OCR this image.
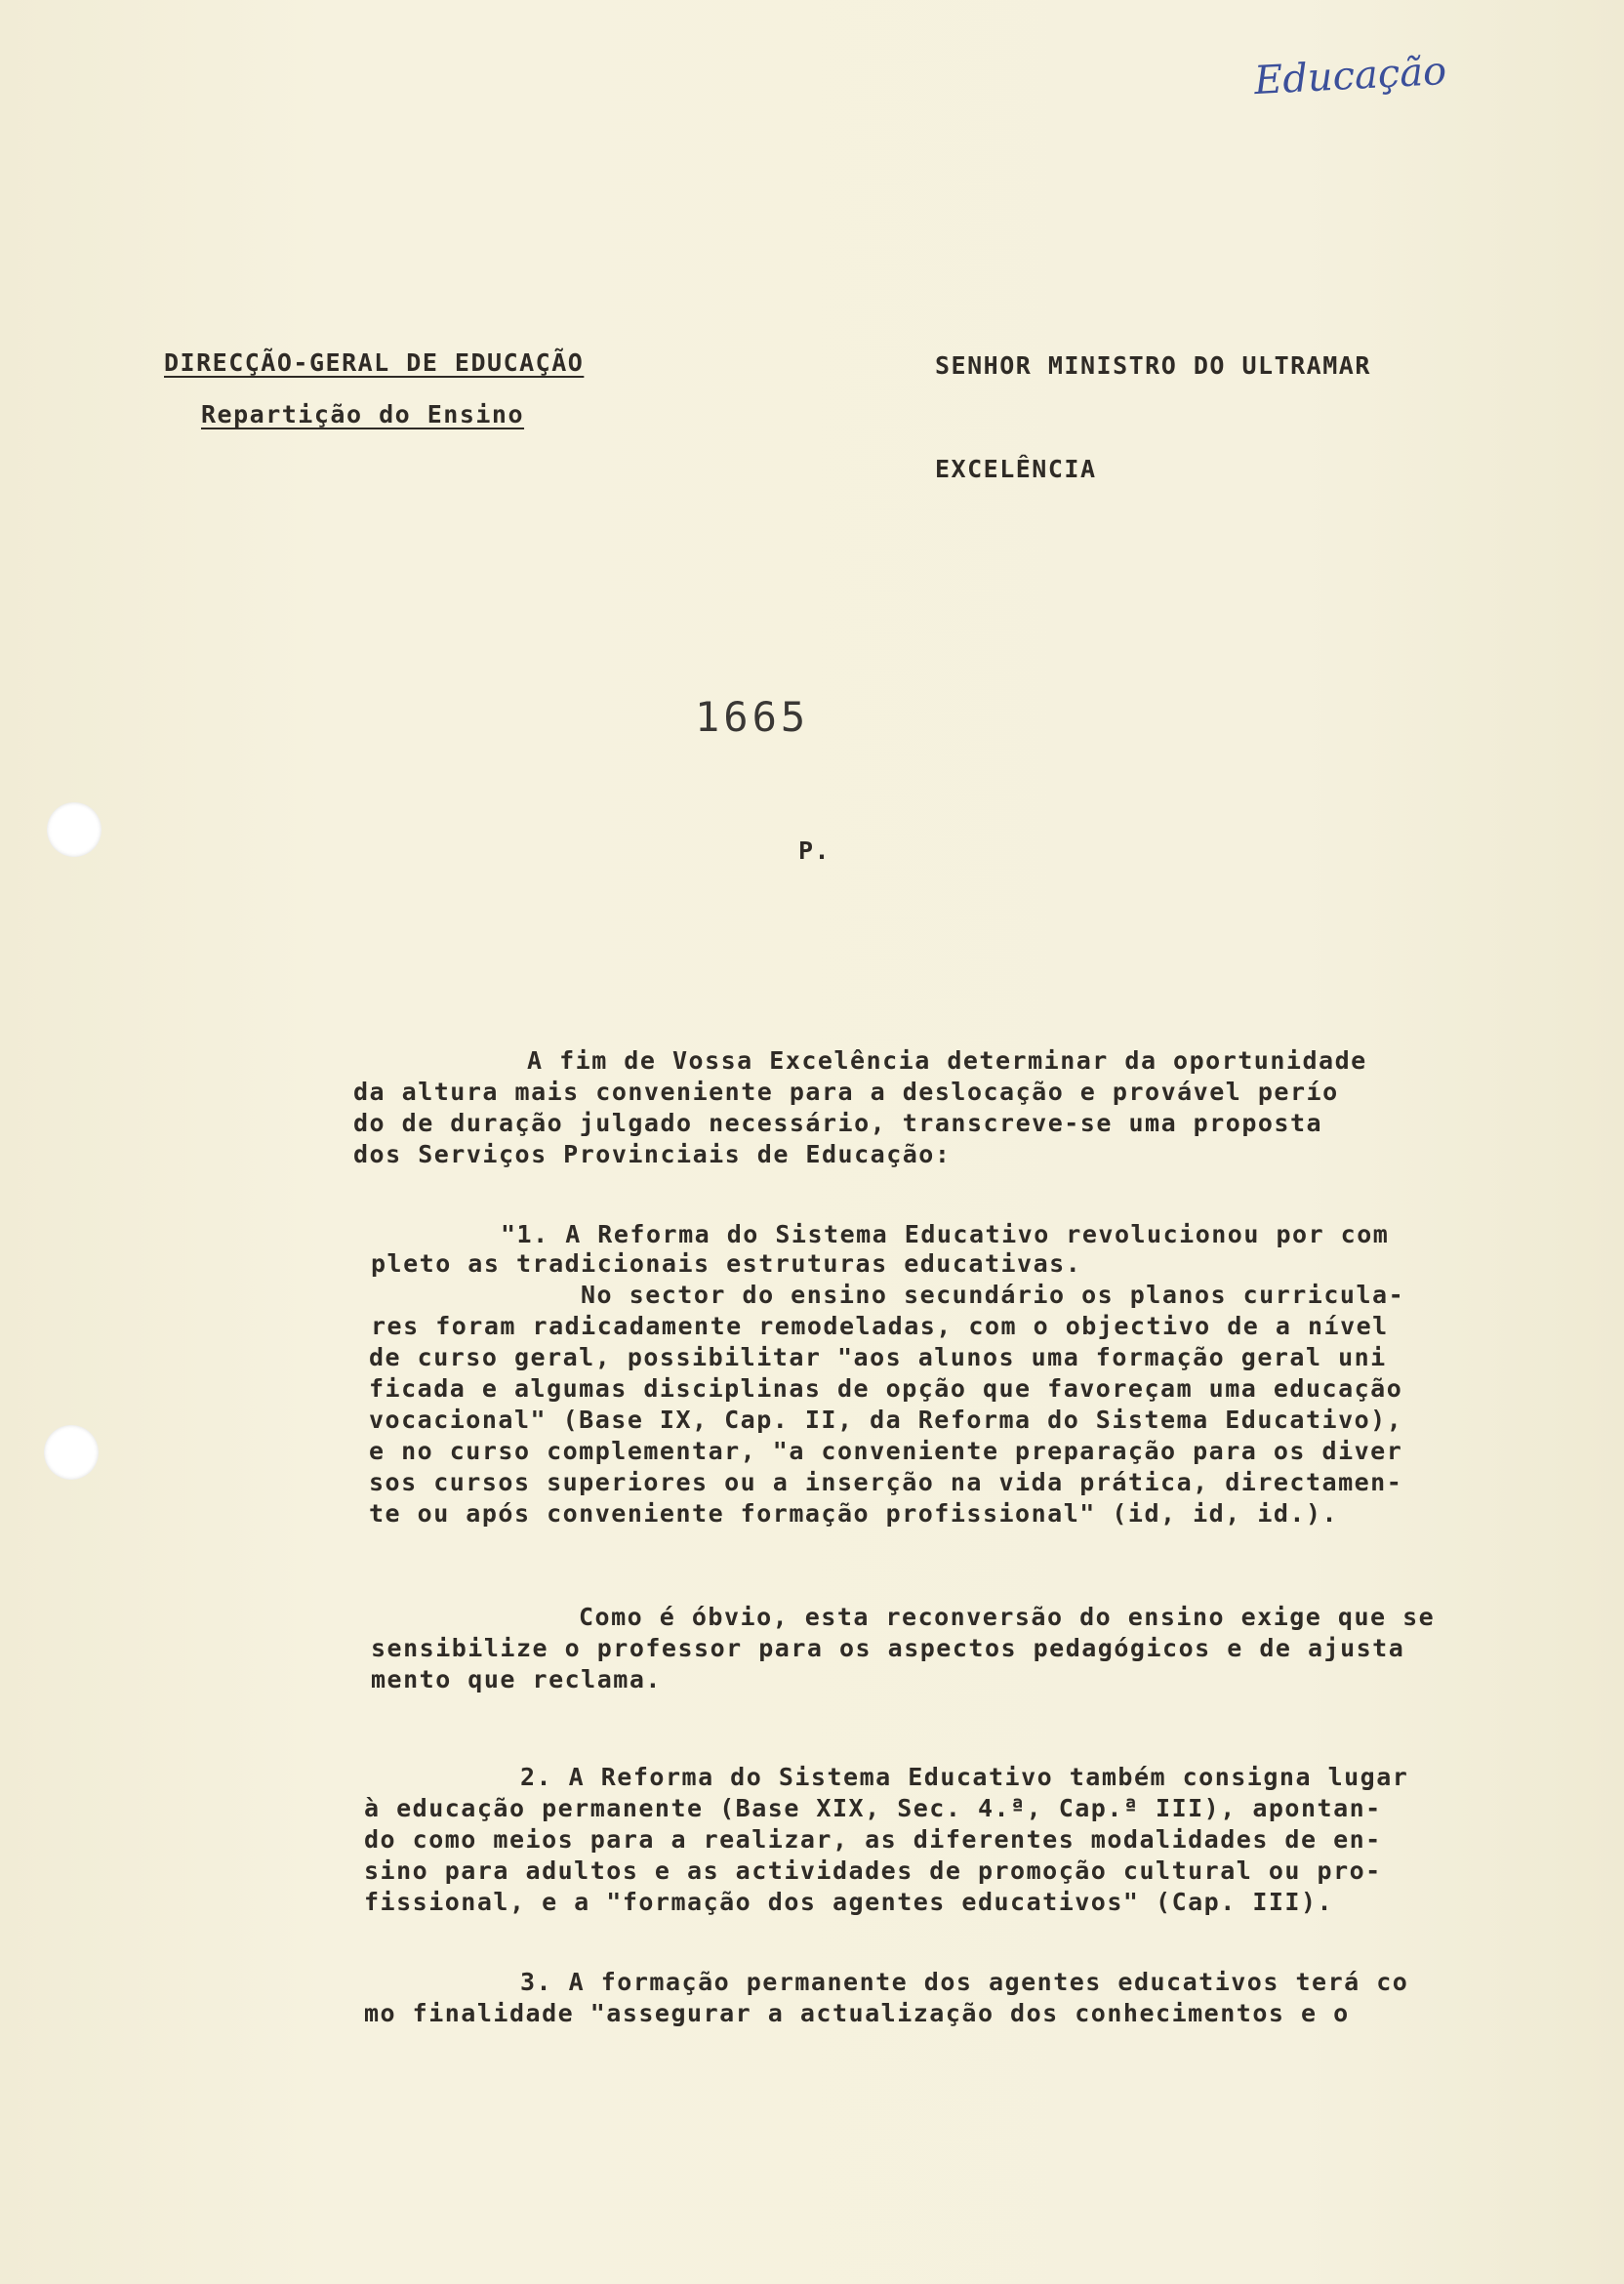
Educação
DIRECÇÃO-GERAL DE EDUCAÇÃO
Repartição do Ensino
SENHOR MINISTRO DO ULTRAMAR
EXCELÊNCIA
1665
P.
A fim de Vossa Excelência determinar da oportunidade
da altura mais conveniente para a deslocação e provável perío
do de duração julgado necessário, transcreve-se uma proposta
dos Serviços Provinciais de Educação:
"1. A Reforma do Sistema Educativo revolucionou por com
pleto as tradicionais estruturas educativas.
No sector do ensino secundário os planos curricula-
res foram radicadamente remodeladas, com o objectivo de a nível
de curso geral, possibilitar "aos alunos uma formação geral uni
ficada e algumas disciplinas de opção que favoreçam uma educação
vocacional" (Base IX, Cap. II, da Reforma do Sistema Educativo),
e no curso complementar, "a conveniente preparação para os diver
sos cursos superiores ou a inserção na vida prática, directamen-
te ou após conveniente formação profissional" (id, id, id.).
Como é óbvio, esta reconversão do ensino exige que se
sensibilize o professor para os aspectos pedagógicos e de ajusta
mento que reclama.
2. A Reforma do Sistema Educativo também consigna lugar
à educação permanente (Base XIX, Sec. 4.ª, Cap.ª III), apontan-
do como meios para a realizar, as diferentes modalidades de en-
sino para adultos e as actividades de promoção cultural ou pro-
fissional, e a "formação dos agentes educativos" (Cap. III).
3. A formação permanente dos agentes educativos terá co
mo finalidade "assegurar a actualização dos conhecimentos e o
